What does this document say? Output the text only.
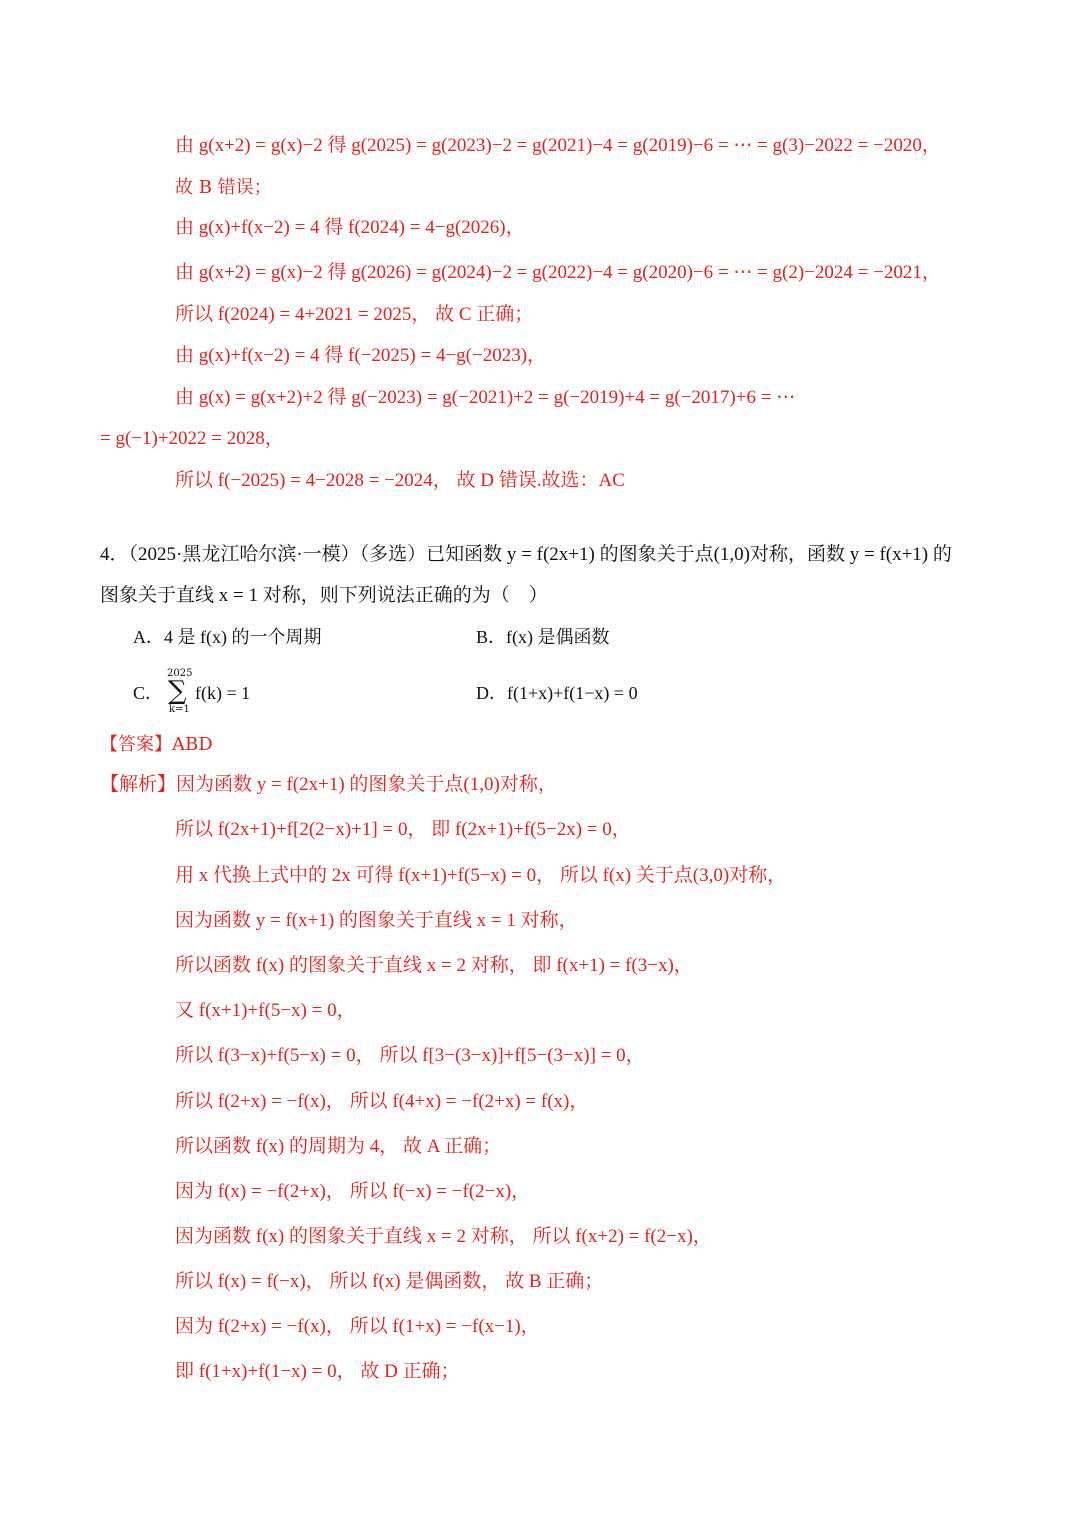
由 g(x+2) = g(x)−2 得 g(2025) = g(2023)−2 = g(2021)−4 = g(2019)−6 = ⋯ = g(3)−2022 = −2020，
故 B 错误；
由 g(x)+f(x−2) = 4 得 f(2024) = 4−g(2026)，
由 g(x+2) = g(x)−2 得 g(2026) = g(2024)−2 = g(2022)−4 = g(2020)−6 = ⋯ = g(2)−2024 = −2021，
所以 f(2024) = 4+2021 = 2025， 故 C 正确；
由 g(x)+f(x−2) = 4 得 f(−2025) = 4−g(−2023)，
由 g(x) = g(x+2)+2 得 g(−2023) = g(−2021)+2 = g(−2019)+4 = g(−2017)+6 = ⋯
= g(−1)+2022 = 2028，
所以 f(−2025) = 4−2028 = −2024， 故 D 错误.故选：AC
4．（2025·黑龙江哈尔滨·一模）（多选）已知函数 y = f(2x+1) 的图象关于点(1,0)对称，函数 y = f(x+1) 的
图象关于直线 x = 1 对称，则下列说法正确的为（　）
A．4 是 f(x) 的一个周期	B．f(x) 是偶函数
C．
2025
∑
k=1
f(k) = 1	D．f(1+x)+f(1−x) = 0
【答案】ABD
【解析】因为函数 y = f(2x+1) 的图象关于点(1,0)对称，
所以 f(2x+1)+f[2(2−x)+1] = 0， 即 f(2x+1)+f(5−2x) = 0，
用 x 代换上式中的 2x 可得 f(x+1)+f(5−x) = 0， 所以 f(x) 关于点(3,0)对称，
因为函数 y = f(x+1) 的图象关于直线 x = 1 对称，
所以函数 f(x) 的图象关于直线 x = 2 对称， 即 f(x+1) = f(3−x)，
又 f(x+1)+f(5−x) = 0，
所以 f(3−x)+f(5−x) = 0， 所以 f[3−(3−x)]+f[5−(3−x)] = 0，
所以 f(2+x) = −f(x)， 所以 f(4+x) = −f(2+x) = f(x)，
所以函数 f(x) 的周期为 4， 故 A 正确；
因为 f(x) = −f(2+x)， 所以 f(−x) = −f(2−x)，
因为函数 f(x) 的图象关于直线 x = 2 对称， 所以 f(x+2) = f(2−x)，
所以 f(x) = f(−x)， 所以 f(x) 是偶函数， 故 B 正确；
因为 f(2+x) = −f(x)， 所以 f(1+x) = −f(x−1)，
即 f(1+x)+f(1−x) = 0， 故 D 正确；
